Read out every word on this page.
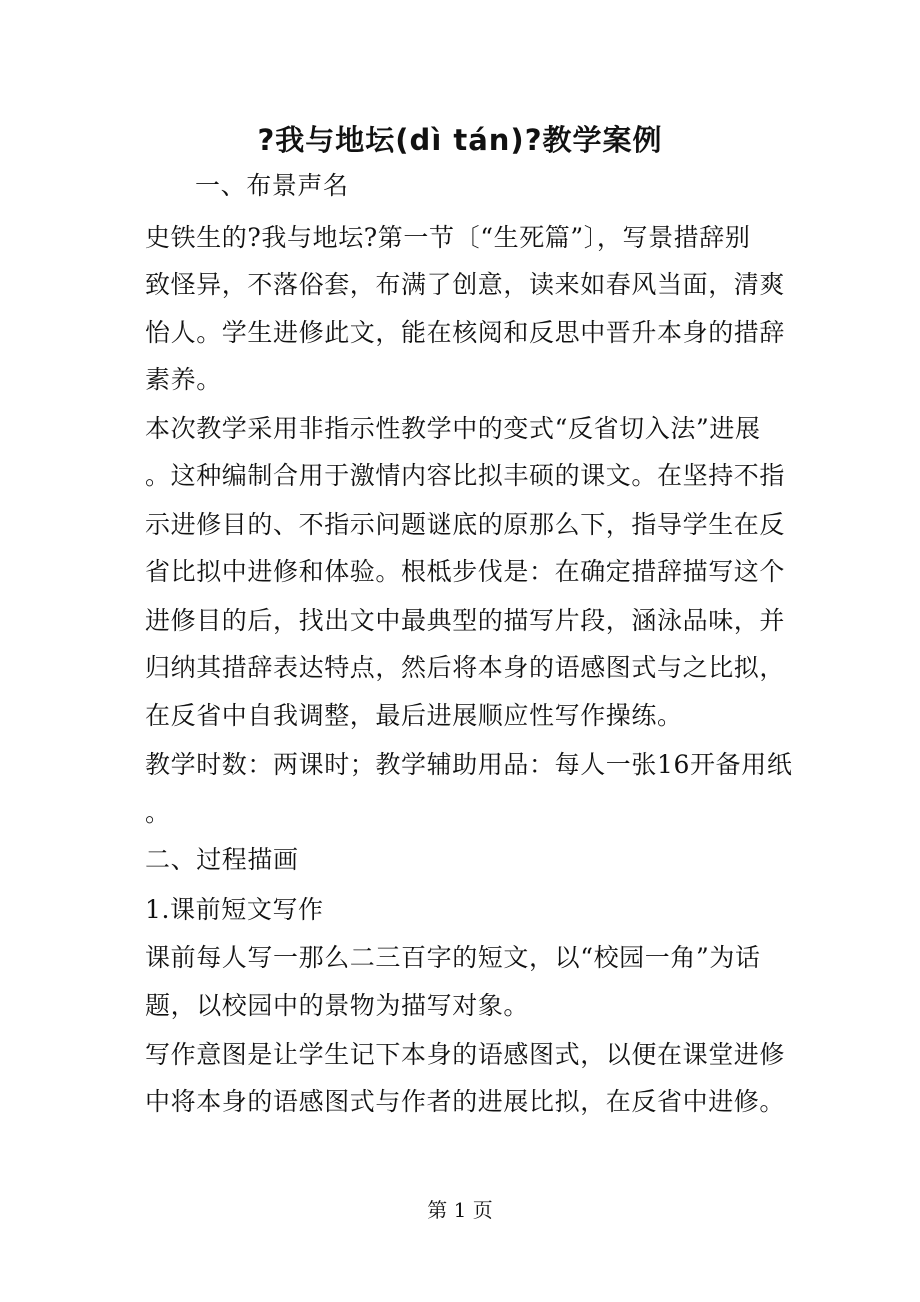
?我与地坛(dì tán)?教学案例
一、布景声名
史铁生的?我与地坛?第一节〔“生死篇”〕，写景措辞别
致怪异，不落俗套，布满了创意，读来如春风当面，清爽
怡人。学生进修此文，能在核阅和反思中晋升本身的措辞
素养。
本次教学采用非指示性教学中的变式“反省切入法”进展
。这种编制合用于激情内容比拟丰硕的课文。在坚持不指
示进修目的、不指示问题谜底的原那么下，指导学生在反
省比拟中进修和体验。根柢步伐是：在确定措辞描写这个
进修目的后，找出文中最典型的描写片段，涵泳品味，并
归纳其措辞表达特点，然后将本身的语感图式与之比拟，
在反省中自我调整，最后进展顺应性写作操练。
教学时数：两课时；教学辅助用品：每人一张16开备用纸
。
二、过程描画
1.课前短文写作
课前每人写一那么二三百字的短文，以“校园一角”为话
题，以校园中的景物为描写对象。
写作意图是让学生记下本身的语感图式，以便在课堂进修
中将本身的语感图式与作者的进展比拟，在反省中进修。
第 1 页
